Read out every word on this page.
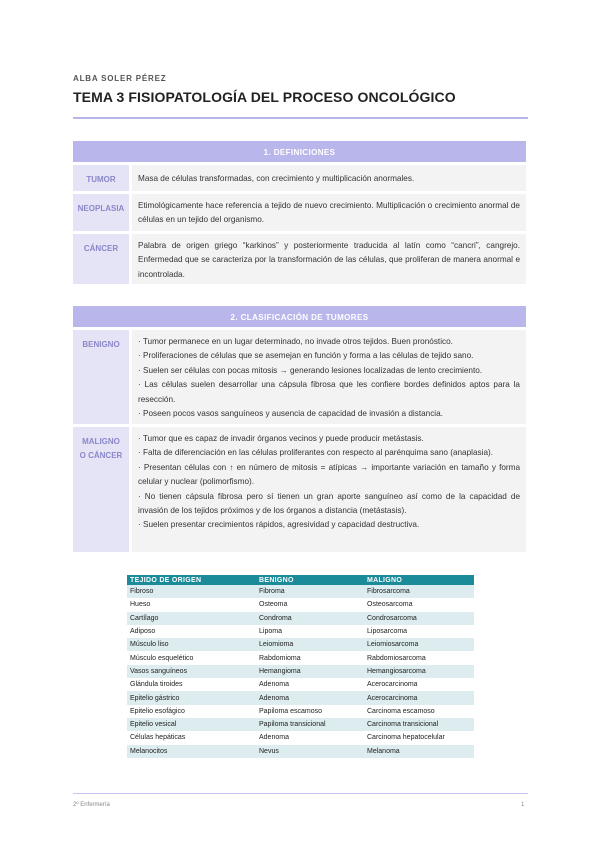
ALBA SOLER PÉREZ
TEMA 3 FISIOPATOLOGÍA DEL PROCESO ONCOLÓGICO
1. DEFINICIONES
TUMOR	Masa de células transformadas, con crecimiento y multiplicación anormales.
NEOPLASIA	Etimológicamente hace referencia a tejido de nuevo crecimiento. Multiplicación o crecimiento anormal de células en un tejido del organismo.
CÁNCER	Palabra de origen griego “karkinos” y posteriormente traducida al latín como “cancri”, cangrejo. Enfermedad que se caracteriza por la transformación de las células, que proliferan de manera anormal e incontrolada.
2. CLASIFICACIÓN DE TUMORES
BENIGNO	· Tumor permanece en un lugar determinado, no invade otros tejidos. Buen pronóstico.
· Proliferaciones de células que se asemejan en función y forma a las células de tejido sano.
· Suelen ser células con pocas mitosis → generando lesiones localizadas de lento crecimiento.
· Las células suelen desarrollar una cápsula fibrosa que les confiere bordes definidos aptos para la resección.
· Poseen pocos vasos sanguíneos y ausencia de capacidad de invasión a distancia.
MALIGNO
O CÁNCER
· Tumor que es capaz de invadir órganos vecinos y puede producir metástasis.
· Falta de diferenciación en las células proliferantes con respecto al parénquima sano (anaplasia).
· Presentan células con ↑ en número de mitosis = atípicas → importante variación en tamaño y forma celular y nuclear (polimorfismo).
· No tienen cápsula fibrosa pero sí tienen un gran aporte sanguíneo así como de la capacidad de invasión de los tejidos próximos y de los órganos a distancia (metástasis).
· Suelen presentar crecimientos rápidos, agresividad y capacidad destructiva.
TEJIDO DE ORIGEN	BENIGNO	MALIGNO
Fibroso	Fibroma	Fibrosarcoma
Hueso	Osteoma	Osteosarcoma
Cartílago	Condroma	Condrosarcoma
Adiposo	Lipoma	Liposarcoma
Músculo liso	Leiomioma	Leiomiosarcoma
Músculo esquelético	Rabdomioma	Rabdomiosarcoma
Vasos sanguíneos	Hemangioma	Hemangiosarcoma
Glándula tiroides	Adenoma	Acerocarcinoma
Epitelio gástrico	Adenoma	Acerocarcinoma
Epitelio esofágico	Papiloma escamoso	Carcinoma escamoso
Epitelio vesical	Papiloma transicional	Carcinoma transicional
Células hepáticas	Adenoma	Carcinoma hepatocelular
Melanocitos	Nevus	Melanoma
2º Enfermería	1
